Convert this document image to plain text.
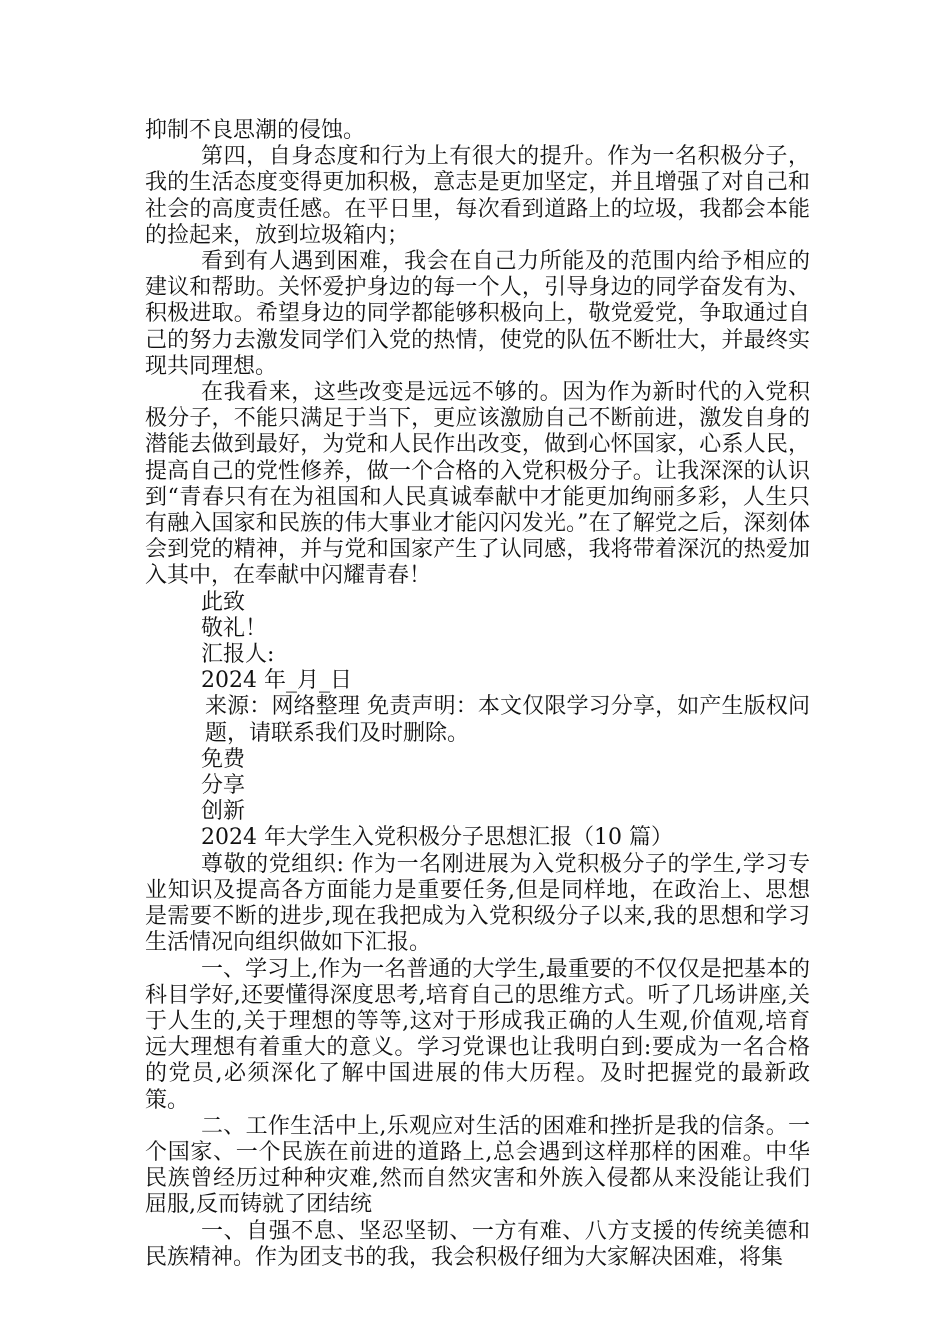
抑制不良思潮的侵蚀。

第四，自身态度和行为上有很大的提升。作为一名积极分子，我的生活态度变得更加积极，意志是更加坚定，并且增强了对自己和社会的高度责任感。在平日里，每次看到道路上的垃圾，我都会本能的捡起来，放到垃圾箱内；

看到有人遇到困难，我会在自己力所能及的范围内给予相应的建议和帮助。关怀爱护身边的每一个人，引导身边的同学奋发有为、积极进取。希望身边的同学都能够积极向上，敬党爱党，争取通过自己的努力去激发同学们入党的热情，使党的队伍不断壮大，并最终实现共同理想。

在我看来，这些改变是远远不够的。因为作为新时代的入党积极分子，不能只满足于当下，更应该激励自己不断前进，激发自身的潜能去做到最好，为党和人民作出改变，做到心怀国家，心系人民，提高自己的党性修养，做一个合格的入党积极分子。让我深深的认识到“青春只有在为祖国和人民真诚奉献中才能更加绚丽多彩，人生只有融入国家和民族的伟大事业才能闪闪发光。”在了解党之后，深刻体会到党的精神，并与党和国家产生了认同感，我将带着深沉的热爱加入其中，在奉献中闪耀青春！

此致

敬礼！

汇报人:

2024 年_月_日

来源：网络整理 免责声明：本文仅限学习分享，如产生版权问题，请联系我们及时删除。

免费

分享

创新

2024 年大学生入党积极分子思想汇报（10 篇）

尊敬的党组织: 作为一名刚进展为入党积极分子的学生,学习专业知识及提高各方面能力是重要任务,但是同样地，在政治上、思想是需要不断的进步,现在我把成为入党积级分子以来,我的思想和学习生活情况向组织做如下汇报。

一、学习上,作为一名普通的大学生,最重要的不仅仅是把基本的科目学好,还要懂得深度思考,培育自己的思维方式。听了几场讲座,关于人生的,关于理想的等等,这对于形成我正确的人生观,价值观,培育远大理想有着重大的意义。学习党课也让我明白到:要成为一名合格的党员,必须深化了解中国进展的伟大历程。及时把握党的最新政策。

二、工作生活中上,乐观应对生活的困难和挫折是我的信条。一个国家、一个民族在前进的道路上,总会遇到这样那样的困难。中华民族曾经历过种种灾难,然而自然灾害和外族入侵都从来没能让我们屈服,反而铸就了团结统

一、自强不息、坚忍坚韧、一方有难、八方支援的传统美德和民族精神。作为团支书的我，我会积极仔细为大家解决困难，将集
